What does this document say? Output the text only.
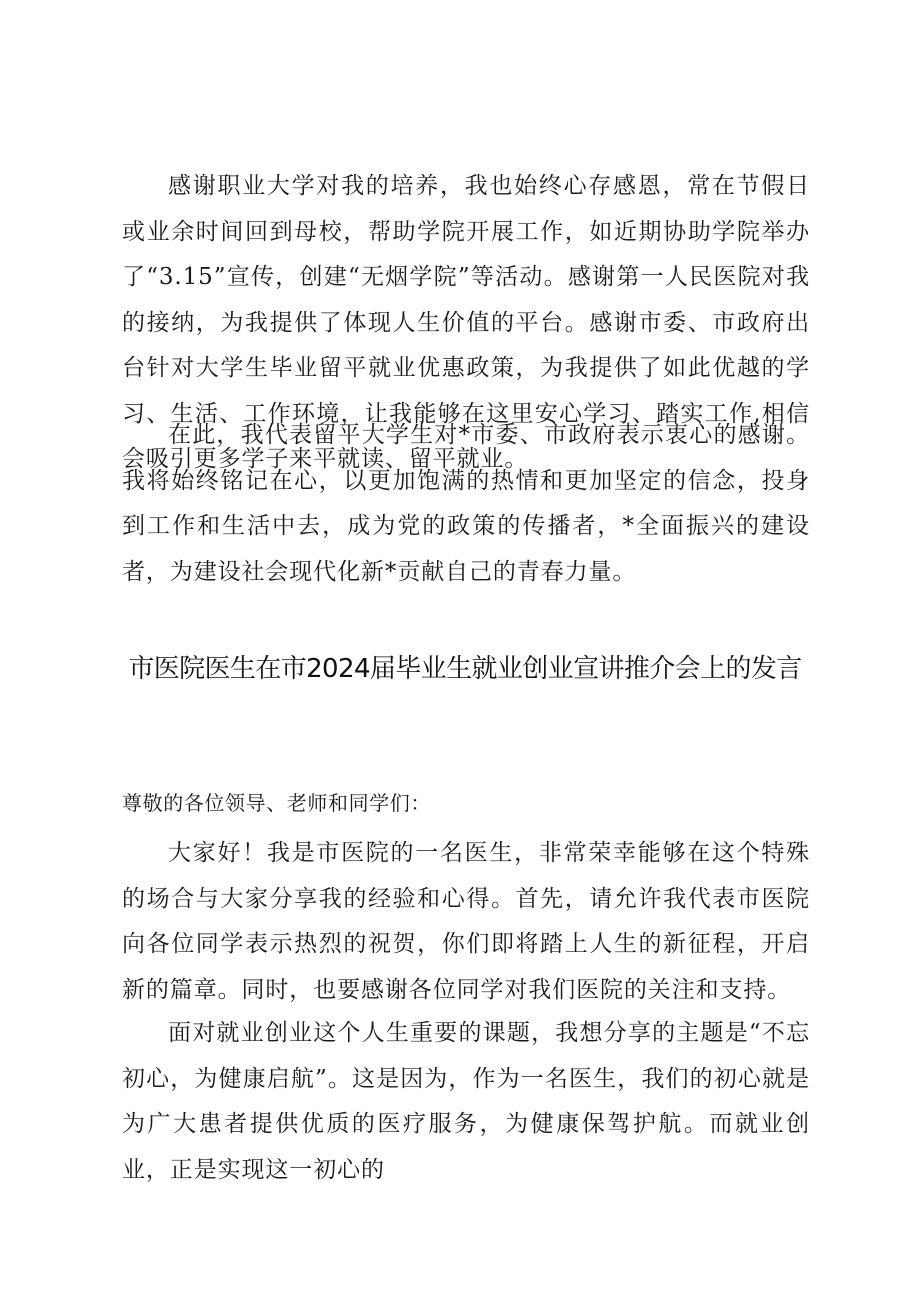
感谢职业大学对我的培养，我也始终心存感恩，常在节假日或业余时间回到母校，帮助学院开展工作，如近期协助学院举办了“3.15”宣传，创建“无烟学院”等活动。感谢第一人民医院对我的接纳，为我提供了体现人生价值的平台。感谢市委、市政府出台针对大学生毕业留平就业优惠政策，为我提供了如此优越的学习、生活、工作环境，让我能够在这里安心学习、踏实工作,相信会吸引更多学子来平就读、留平就业。

在此，我代表留平大学生对*市委、市政府表示衷心的感谢。我将始终铭记在心，以更加饱满的热情和更加坚定的信念，投身到工作和生活中去，成为党的政策的传播者，*全面振兴的建设者，为建设社会现代化新*贡献自己的青春力量。

市医院医生在市2024届毕业生就业创业宣讲推介会上的发言

尊敬的各位领导、老师和同学们：

大家好！我是市医院的一名医生，非常荣幸能够在这个特殊的场合与大家分享我的经验和心得。首先，请允许我代表市医院向各位同学表示热烈的祝贺，你们即将踏上人生的新征程，开启新的篇章。同时，也要感谢各位同学对我们医院的关注和支持。

面对就业创业这个人生重要的课题，我想分享的主题是“不忘初心，为健康启航”。这是因为，作为一名医生，我们的初心就是为广大患者提供优质的医疗服务，为健康保驾护航。而就业创业，正是实现这一初心的
